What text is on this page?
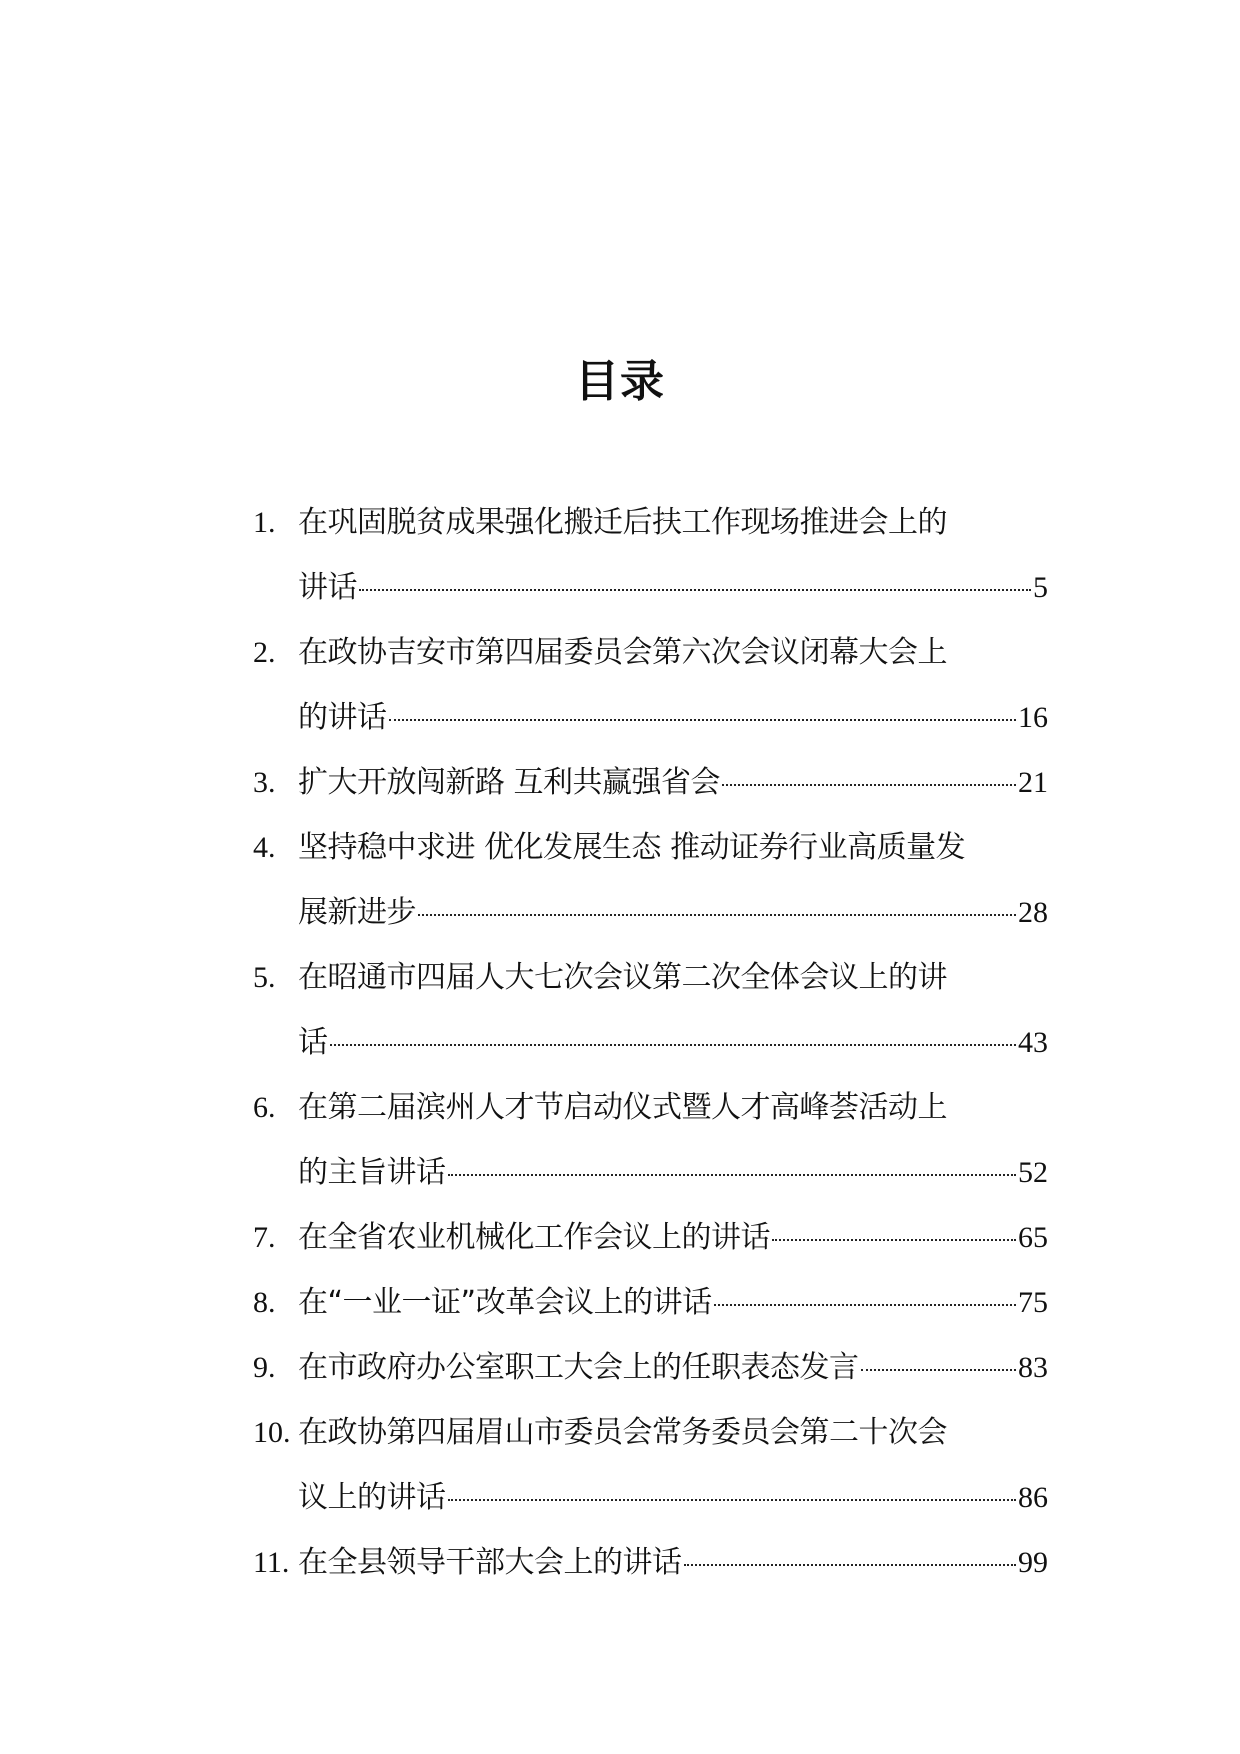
目录
1. 在巩固脱贫成果强化搬迁后扶工作现场推进会上的
讲话	5
2. 在政协吉安市第四届委员会第六次会议闭幕大会上
的讲话	16
3. 扩大开放闯新路 互利共赢强省会	21
4. 坚持稳中求进 优化发展生态 推动证券行业高质量发
展新进步	28
5. 在昭通市四届人大七次会议第二次全体会议上的讲
话	43
6. 在第二届滨州人才节启动仪式暨人才高峰荟活动上
的主旨讲话	52
7. 在全省农业机械化工作会议上的讲话	65
8. 在“一业一证”改革会议上的讲话	75
9. 在市政府办公室职工大会上的任职表态发言	83
10. 在政协第四届眉山市委员会常务委员会第二十次会
议上的讲话	86
11. 在全县领导干部大会上的讲话	99
